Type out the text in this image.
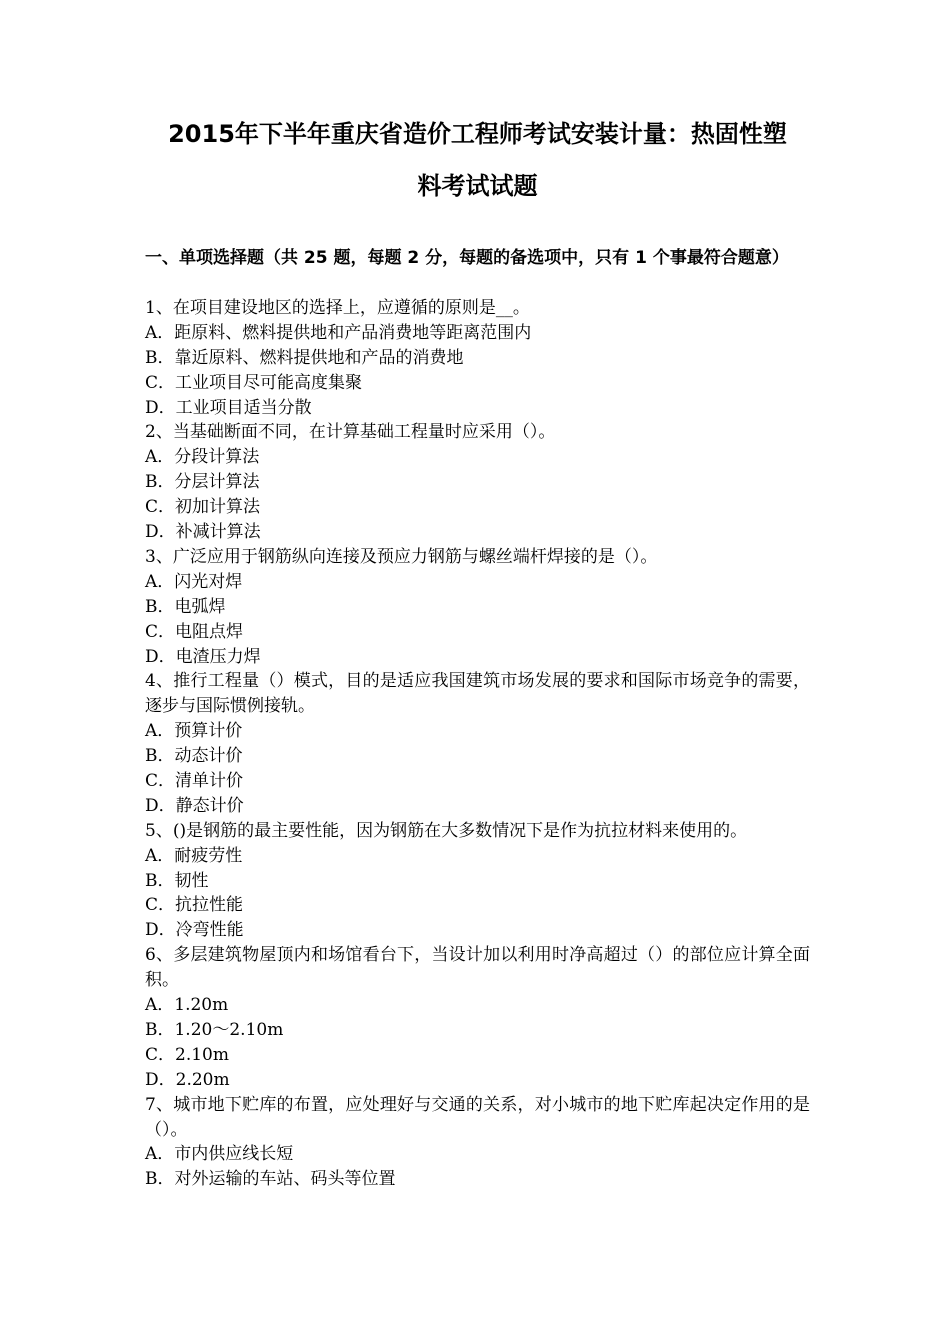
2015年下半年重庆省造价工程师考试安装计量：热固性塑
料考试试题
一、单项选择题（共 25 题，每题 2 分，每题的备选项中，只有 1 个事最符合题意）
1、在项目建设地区的选择上，应遵循的原则是__。
A．距原料、燃料提供地和产品消费地等距离范围内
B．靠近原料、燃料提供地和产品的消费地
C．工业项目尽可能高度集聚
D．工业项目适当分散
2、当基础断面不同，在计算基础工程量时应采用（）。
A．分段计算法
B．分层计算法
C．初加计算法
D．补减计算法
3、广泛应用于钢筋纵向连接及预应力钢筋与螺丝端杆焊接的是（）。
A．闪光对焊
B．电弧焊
C．电阻点焊
D．电渣压力焊
4、推行工程量（）模式，目的是适应我国建筑市场发展的要求和国际市场竞争的需要，逐步与国际惯例接轨。
A．预算计价
B．动态计价
C．清单计价
D．静态计价
5、()是钢筋的最主要性能，因为钢筋在大多数情况下是作为抗拉材料来使用的。
A．耐疲劳性
B．韧性
C．抗拉性能
D．冷弯性能
6、多层建筑物屋顶内和场馆看台下，当设计加以利用时净高超过（）的部位应计算全面积。
A．1.20m
B．1.20～2.10m
C．2.10m
D．2.20m
7、城市地下贮库的布置，应处理好与交通的关系，对小城市的地下贮库起决定作用的是（）。
A．市内供应线长短
B．对外运输的车站、码头等位置
